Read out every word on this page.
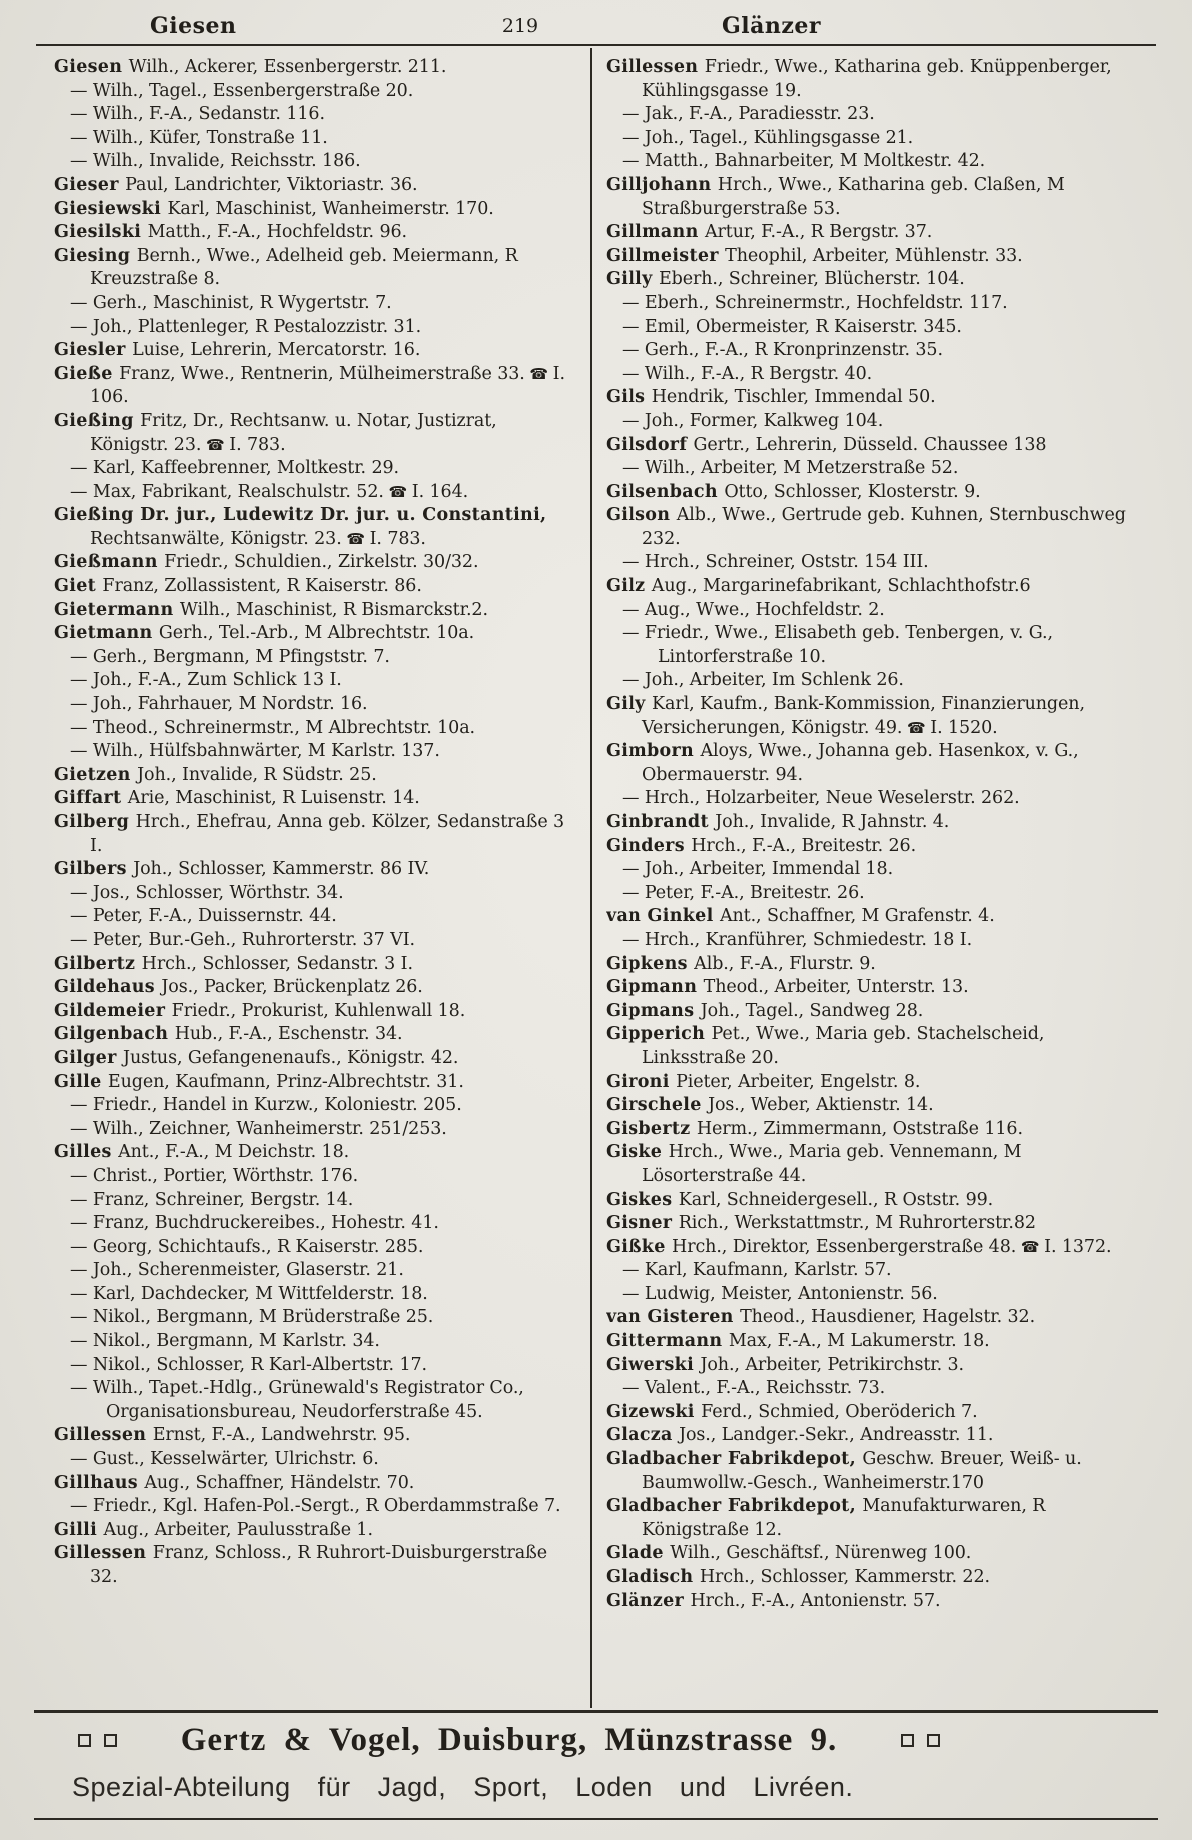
Giesen	219	Glänzer
Giesen Wilh., Ackerer, Essenbergerstr. 211.
— Wilh., Tagel., Essenbergerstraße 20.
— Wilh., F.-A., Sedanstr. 116.
— Wilh., Küfer, Tonstraße 11.
— Wilh., Invalide, Reichsstr. 186.
Gieser Paul, Landrichter, Viktoriastr. 36.
Giesiewski Karl, Maschinist, Wanheimerstr. 170.
Giesilski Matth., F.-A., Hochfeldstr. 96.
Giesing Bernh., Wwe., Adelheid geb. Meiermann, R Kreuzstraße 8.
— Gerh., Maschinist, R Wygertstr. 7.
— Joh., Plattenleger, R Pestalozzistr. 31.
Giesler Luise, Lehrerin, Mercatorstr. 16.
Gieße Franz, Wwe., Rentnerin, Mülheimerstraße 33. ☎ I. 106.
Gießing Fritz, Dr., Rechtsanw. u. Notar, Justizrat, Königstr. 23. ☎ I. 783.
— Karl, Kaffeebrenner, Moltkestr. 29.
— Max, Fabrikant, Realschulstr. 52. ☎ I. 164.
Gießing Dr. jur., Ludewitz Dr. jur. u. Constantini, Rechtsanwälte, Königstr. 23. ☎ I. 783.
Gießmann Friedr., Schuldien., Zirkelstr. 30/32.
Giet Franz, Zollassistent, R Kaiserstr. 86.
Gietermann Wilh., Maschinist, R Bismarckstr.2.
Gietmann Gerh., Tel.-Arb., M Albrechtstr. 10a.
— Gerh., Bergmann, M Pfingststr. 7.
— Joh., F.-A., Zum Schlick 13 I.
— Joh., Fahrhauer, M Nordstr. 16.
— Theod., Schreinermstr., M Albrechtstr. 10a.
— Wilh., Hülfsbahnwärter, M Karlstr. 137.
Gietzen Joh., Invalide, R Südstr. 25.
Giffart Arie, Maschinist, R Luisenstr. 14.
Gilberg Hrch., Ehefrau, Anna geb. Kölzer, Sedanstraße 3 I.
Gilbers Joh., Schlosser, Kammerstr. 86 IV.
— Jos., Schlosser, Wörthstr. 34.
— Peter, F.-A., Duissernstr. 44.
— Peter, Bur.-Geh., Ruhrorterstr. 37 VI.
Gilbertz Hrch., Schlosser, Sedanstr. 3 I.
Gildehaus Jos., Packer, Brückenplatz 26.
Gildemeier Friedr., Prokurist, Kuhlenwall 18.
Gilgenbach Hub., F.-A., Eschenstr. 34.
Gilger Justus, Gefangenenaufs., Königstr. 42.
Gille Eugen, Kaufmann, Prinz-Albrechtstr. 31.
— Friedr., Handel in Kurzw., Koloniestr. 205.
— Wilh., Zeichner, Wanheimerstr. 251/253.
Gilles Ant., F.-A., M Deichstr. 18.
— Christ., Portier, Wörthstr. 176.
— Franz, Schreiner, Bergstr. 14.
— Franz, Buchdruckereibes., Hohestr. 41.
— Georg, Schichtaufs., R Kaiserstr. 285.
— Joh., Scherenmeister, Glaserstr. 21.
— Karl, Dachdecker, M Wittfelderstr. 18.
— Nikol., Bergmann, M Brüderstraße 25.
— Nikol., Bergmann, M Karlstr. 34.
— Nikol., Schlosser, R Karl-Albertstr. 17.
— Wilh., Tapet.-Hdlg., Grünewald's Registrator Co., Organisationsbureau, Neudorferstraße 45.
Gillessen Ernst, F.-A., Landwehrstr. 95.
— Gust., Kesselwärter, Ulrichstr. 6.
Gillhaus Aug., Schaffner, Händelstr. 70.
— Friedr., Kgl. Hafen-Pol.-Sergt., R Oberdammstraße 7.
Gilli Aug., Arbeiter, Paulusstraße 1.
Gillessen Franz, Schloss., R Ruhrort-Duisburgerstraße 32.
Gillessen Friedr., Wwe., Katharina geb. Knüppenberger, Kühlingsgasse 19.
— Jak., F.-A., Paradiesstr. 23.
— Joh., Tagel., Kühlingsgasse 21.
— Matth., Bahnarbeiter, M Moltkestr. 42.
Gilljohann Hrch., Wwe., Katharina geb. Claßen, M Straßburgerstraße 53.
Gillmann Artur, F.-A., R Bergstr. 37.
Gillmeister Theophil, Arbeiter, Mühlenstr. 33.
Gilly Eberh., Schreiner, Blücherstr. 104.
— Eberh., Schreinermstr., Hochfeldstr. 117.
— Emil, Obermeister, R Kaiserstr. 345.
— Gerh., F.-A., R Kronprinzenstr. 35.
— Wilh., F.-A., R Bergstr. 40.
Gils Hendrik, Tischler, Immendal 50.
— Joh., Former, Kalkweg 104.
Gilsdorf Gertr., Lehrerin, Düsseld. Chaussee 138
— Wilh., Arbeiter, M Metzerstraße 52.
Gilsenbach Otto, Schlosser, Klosterstr. 9.
Gilson Alb., Wwe., Gertrude geb. Kuhnen, Sternbuschweg 232.
— Hrch., Schreiner, Oststr. 154 III.
Gilz Aug., Margarinefabrikant, Schlachthofstr.6
— Aug., Wwe., Hochfeldstr. 2.
— Friedr., Wwe., Elisabeth geb. Tenbergen, v. G., Lintorferstraße 10.
— Joh., Arbeiter, Im Schlenk 26.
Gily Karl, Kaufm., Bank-Kommission, Finanzierungen, Versicherungen, Königstr. 49. ☎ I. 1520.
Gimborn Aloys, Wwe., Johanna geb. Hasenkox, v. G., Obermauerstr. 94.
— Hrch., Holzarbeiter, Neue Weselerstr. 262.
Ginbrandt Joh., Invalide, R Jahnstr. 4.
Ginders Hrch., F.-A., Breitestr. 26.
— Joh., Arbeiter, Immendal 18.
— Peter, F.-A., Breitestr. 26.
van Ginkel Ant., Schaffner, M Grafenstr. 4.
— Hrch., Kranführer, Schmiedestr. 18 I.
Gipkens Alb., F.-A., Flurstr. 9.
Gipmann Theod., Arbeiter, Unterstr. 13.
Gipmans Joh., Tagel., Sandweg 28.
Gipperich Pet., Wwe., Maria geb. Stachelscheid, Linksstraße 20.
Gironi Pieter, Arbeiter, Engelstr. 8.
Girschele Jos., Weber, Aktienstr. 14.
Gisbertz Herm., Zimmermann, Oststraße 116.
Giske Hrch., Wwe., Maria geb. Vennemann, M Lösorterstraße 44.
Giskes Karl, Schneidergesell., R Oststr. 99.
Gisner Rich., Werkstattmstr., M Ruhrorterstr.82
Gißke Hrch., Direktor, Essenbergerstraße 48. ☎ I. 1372.
— Karl, Kaufmann, Karlstr. 57.
— Ludwig, Meister, Antonienstr. 56.
van Gisteren Theod., Hausdiener, Hagelstr. 32.
Gittermann Max, F.-A., M Lakumerstr. 18.
Giwerski Joh., Arbeiter, Petrikirchstr. 3.
— Valent., F.-A., Reichsstr. 73.
Gizewski Ferd., Schmied, Oberöderich 7.
Glacza Jos., Landger.-Sekr., Andreasstr. 11.
Gladbacher Fabrikdepot, Geschw. Breuer, Weiß- u. Baumwollw.-Gesch., Wanheimerstr.170
Gladbacher Fabrikdepot, Manufakturwaren, R Königstraße 12.
Glade Wilh., Geschäftsf., Nürenweg 100.
Gladisch Hrch., Schlosser, Kammerstr. 22.
Glänzer Hrch., F.-A., Antonienstr. 57.
Gertz & Vogel, Duisburg, Münzstrasse 9.
Spezial-Abteilung für Jagd, Sport, Loden und Livréen.
